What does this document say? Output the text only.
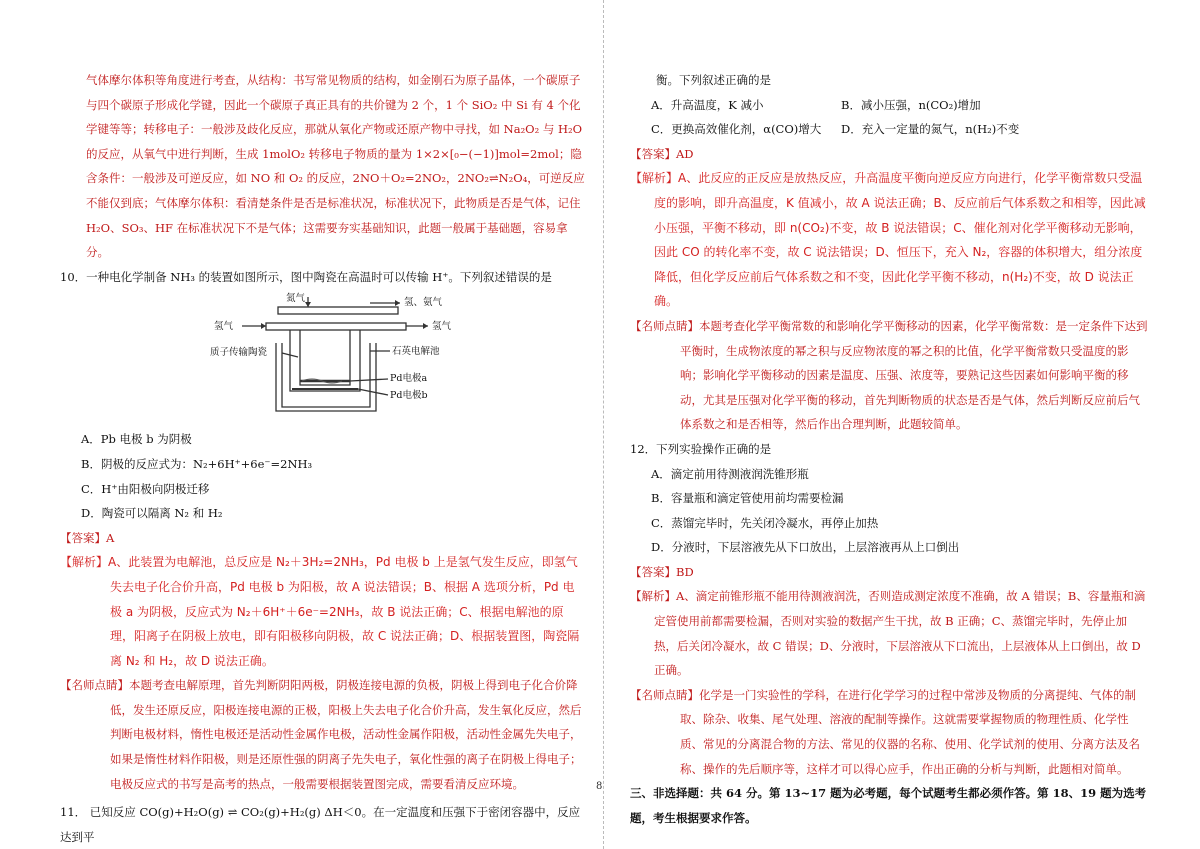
气体摩尔体积等角度进行考查，从结构：书写常见物质的结构，如金刚石为原子晶体，一个碳原子与四个碳原子形成化学键，因此一个碳原子真正具有的共价键为 2 个，1 个 SiO₂ 中 Si 有 4 个化学键等等；转移电子：一般涉及歧化反应，那就从氧化产物或还原产物中寻找，如 Na₂O₂ 与 H₂O 的反应，从氧气中进行判断，生成 1molO₂ 转移电子物质的量为 1×2×[₀−(−1)]mol=2mol；隐含条件：一般涉及可逆反应，如 NO 和 O₂ 的反应，2NO＋O₂=2NO₂，2NO₂⇌N₂O₄，可逆反应不能仅到底；气体摩尔体积：看清楚条件是否是标准状况，标准状况下，此物质是否是气体，记住 H₂O、SO₃、HF 在标准状况下不是气体；这需要夯实基础知识，此题一般属于基础题，容易拿分。

10．一种电化学制备 NH₃ 的装置如图所示，图中陶瓷在高温时可以传输 H⁺。下列叙述错误的是

氮气	氢、氨气
氢气	氢气
质子传输陶瓷	石英电解池
Pd电极a
Pd电极b

A．Pb 电极 b 为阴极

B．阴极的反应式为：N₂+6H⁺+6e⁻=2NH₃

C．H⁺由阳极向阴极迁移

D．陶瓷可以隔离 N₂ 和 H₂

【答案】A

【解析】A、此装置为电解池，总反应是 N₂＋3H₂=2NH₃，Pd 电极 b 上是氢气发生反应，即氢气失去电子化合价升高，Pd 电极 b 为阳极，故 A 说法错误；B、根据 A 选项分析，Pd 电极 a 为阴极，反应式为 N₂＋6H⁺＋6e⁻=2NH₃，故 B 说法正确；C、根据电解池的原理，阳离子在阴极上放电，即有阳极移向阴极，故 C 说法正确；D、根据装置图，陶瓷隔离 N₂ 和 H₂，故 D 说法正确。

【名师点睛】本题考查电解原理，首先判断阴阳两极，阴极连接电源的负极，阴极上得到电子化合价降低，发生还原反应，阳极连接电源的正极，阳极上失去电子化合价升高，发生氧化反应，然后判断电极材料，惰性电极还是活动性金属作电极，活动性金属作阳极，活动性金属先失电子，如果是惰性材料作阳极，则是还原性强的阴离子先失电子，氧化性强的离子在阴极上得电子；电极反应式的书写是高考的热点，一般需要根据装置图完成，需要看清反应环境。

11． 已知反应 CO(g)+H₂O(g) ⇌ CO₂(g)+H₂(g) ΔH＜0。在一定温度和压强下于密闭容器中，反应达到平

衡。下列叙述正确的是

A．升高温度，K 减小	B．减小压强，n(CO₂)增加
C．更换高效催化剂，α(CO)增大	D．充入一定量的氮气，n(H₂)不变

【答案】AD

【解析】A、此反应的正反应是放热反应，升高温度平衡向逆反应方向进行，化学平衡常数只受温度的影响，即升高温度，K 值减小，故 A 说法正确；B、反应前后气体系数之和相等，因此减小压强，平衡不移动，即 n(CO₂)不变，故 B 说法错误；C、催化剂对化学平衡移动无影响，因此 CO 的转化率不变，故 C 说法错误；D、恒压下，充入 N₂，容器的体积增大，组分浓度降低，但化学反应前后气体系数之和不变，因此化学平衡不移动，n(H₂)不变，故 D 说法正确。

【名师点睛】本题考查化学平衡常数的和影响化学平衡移动的因素，化学平衡常数：是一定条件下达到平衡时，生成物浓度的幂之积与反应物浓度的幂之积的比值，化学平衡常数只受温度的影响；影响化学平衡移动的因素是温度、压强、浓度等，要熟记这些因素如何影响平衡的移动，尤其是压强对化学平衡的移动，首先判断物质的状态是否是气体，然后判断反应前后气体系数之和是否相等，然后作出合理判断，此题较简单。

12．下列实验操作正确的是

A．滴定前用待测液润洗锥形瓶

B．容量瓶和滴定管使用前均需要检漏

C．蒸馏完毕时，先关闭冷凝水，再停止加热

D．分液时，下层溶液先从下口放出，上层溶液再从上口倒出

【答案】BD

【解析】A、滴定前锥形瓶不能用待测液润洗，否则造成测定浓度不准确，故 A 错误；B、容量瓶和滴定管使用前都需要检漏，否则对实验的数据产生干扰，故 B 正确；C、蒸馏完毕时，先停止加热，后关闭冷凝水，故 C 错误；D、分液时，下层溶液从下口流出，上层液体从上口倒出，故 D 正确。

【名师点睛】化学是一门实验性的学科，在进行化学学习的过程中常涉及物质的分离提纯、气体的制取、除杂、收集、尾气处理、溶液的配制等操作。这就需要掌握物质的物理性质、化学性质、常见的分离混合物的方法、常见的仪器的名称、使用、化学试剂的使用、分离方法及名称、操作的先后顺序等，这样才可以得心应手，作出正确的分析与判断，此题相对简单。

三、非选择题：共 64 分。第 13~17 题为必考题，每个试题考生都必须作答。第 18、19 题为选考题，考生根据要求作答。

8
